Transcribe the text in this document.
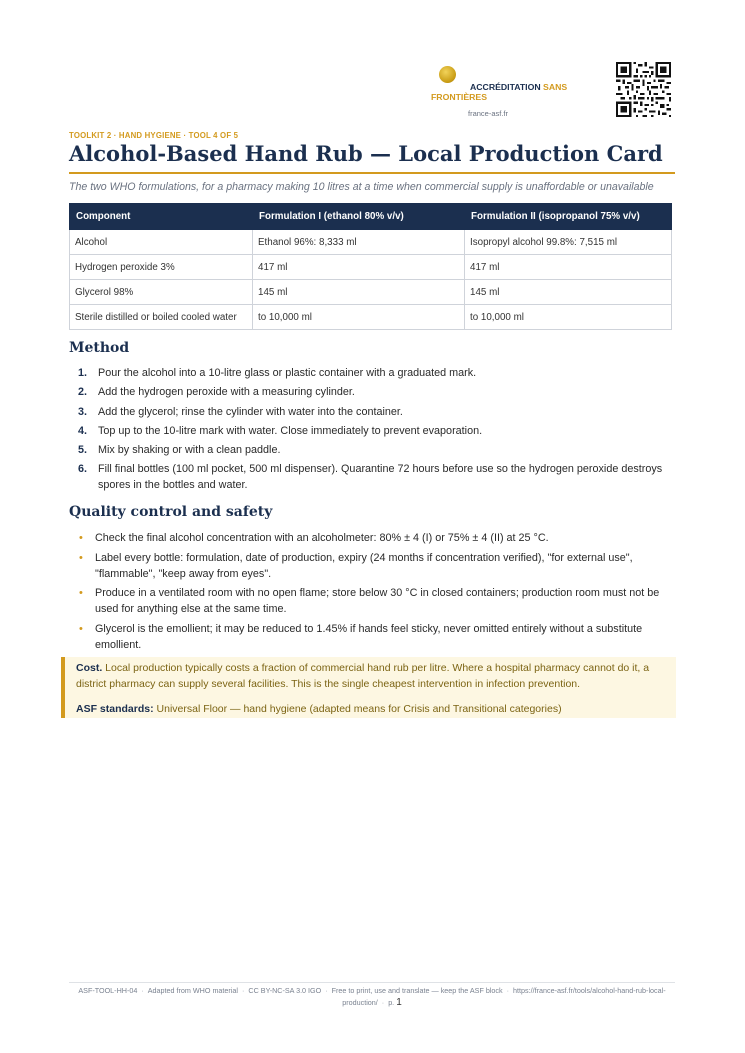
ACCRÉDITATION SANS FRONTIÈRES
france-asf.fr
TOOLKIT 2 · HAND HYGIENE · TOOL 4 OF 5
Alcohol-Based Hand Rub — Local Production Card
The two WHO formulations, for a pharmacy making 10 litres at a time when commercial supply is unaffordable or unavailable
Component	Formulation I (ethanol 80% v/v)	Formulation II (isopropanol 75% v/v)
Alcohol	Ethanol 96%: 8,333 ml	Isopropyl alcohol 99.8%: 7,515 ml
Hydrogen peroxide 3%	417 ml	417 ml
Glycerol 98%	145 ml	145 ml
Sterile distilled or boiled cooled water	to 10,000 ml	to 10,000 ml
Method
1. Pour the alcohol into a 10-litre glass or plastic container with a graduated mark.
2. Add the hydrogen peroxide with a measuring cylinder.
3. Add the glycerol; rinse the cylinder with water into the container.
4. Top up to the 10-litre mark with water. Close immediately to prevent evaporation.
5. Mix by shaking or with a clean paddle.
6. Fill final bottles (100 ml pocket, 500 ml dispenser). Quarantine 72 hours before use so the hydrogen peroxide destroys spores in the bottles and water.
Quality control and safety
• Check the final alcohol concentration with an alcoholmeter: 80% ± 4 (I) or 75% ± 4 (II) at 25 °C.
• Label every bottle: formulation, date of production, expiry (24 months if concentration verified), "for external use", "flammable", "keep away from eyes".
• Produce in a ventilated room with no open flame; store below 30 °C in closed containers; production room must not be used for anything else at the same time.
• Glycerol is the emollient; it may be reduced to 1.45% if hands feel sticky, never omitted entirely without a substitute emollient.

Cost. Local production typically costs a fraction of commercial hand rub per litre. Where a hospital pharmacy cannot do it, a district pharmacy can supply several facilities. This is the single cheapest intervention in infection prevention.

ASF standards: Universal Floor — hand hygiene (adapted means for Crisis and Transitional categories)

ASF-TOOL-HH-04 · Adapted from WHO material · CC BY-NC-SA 3.0 IGO · Free to print, use and translate — keep the ASF block · https://france-asf.fr/tools/alcohol-hand-rub-local-production/ · p. 1
